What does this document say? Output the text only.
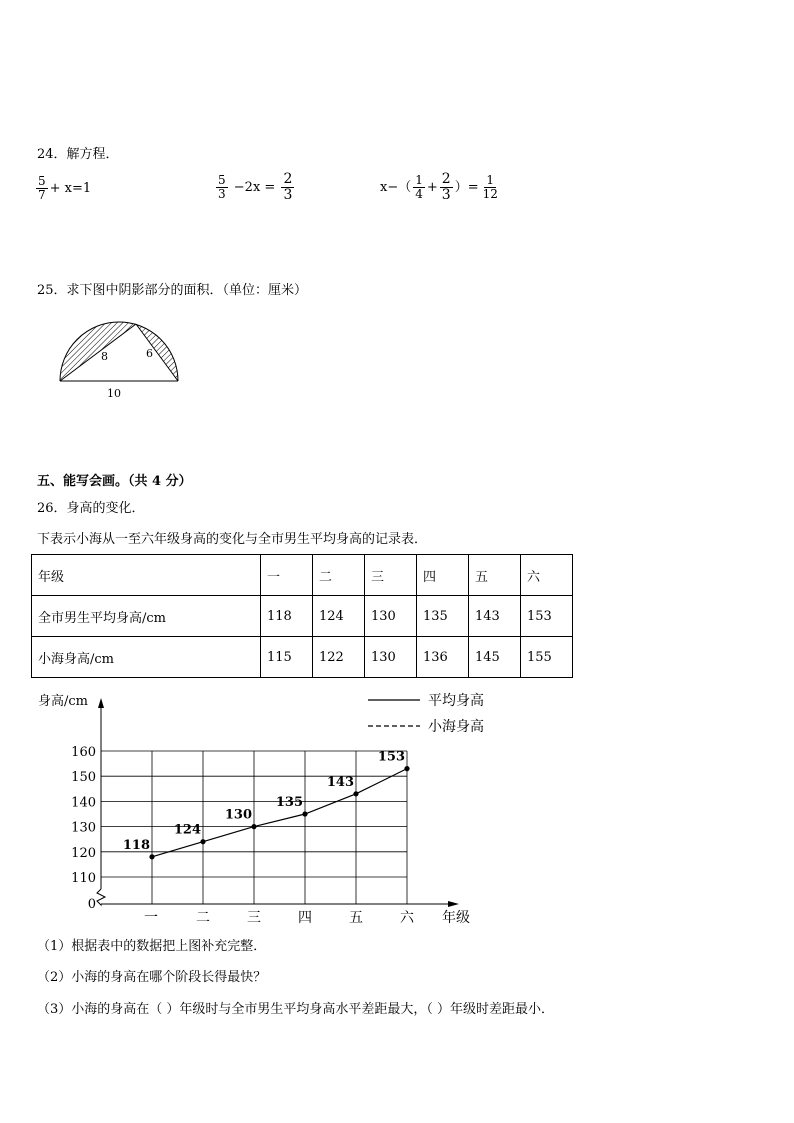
24．解方程．
$\frac{5}{7} + x=1$	$\frac{5}{3} -2x = \frac{2}{3}$	$x-( \frac{1}{4} + \frac{2}{3}$ ）= $\frac{1}{12}$
25．求下图中阴影部分的面积．（单位：厘米）
8	6
10
五、能写会画。（共 4 分）
26．身高的变化．
下表示小海从一至六年级身高的变化与全市男生平均身高的记录表．
年级	一	二	三	四	五	六
全市男生平均身高/cm	118	124	130	135	143	153
小海身高/cm	115	122	130	136	145	155
身高/cm	平均身高
小海身高
0
110
120
130
140
150
160
一	二	三	四	五	六
118
124
130
135
143
153
年级
（1）根据表中的数据把上图补充完整．
（2）小海的身高在哪个阶段长得最快？
（3）小海的身高在（ ）年级时与全市男生平均身高水平差距最大，（ ）年级时差距最小．
